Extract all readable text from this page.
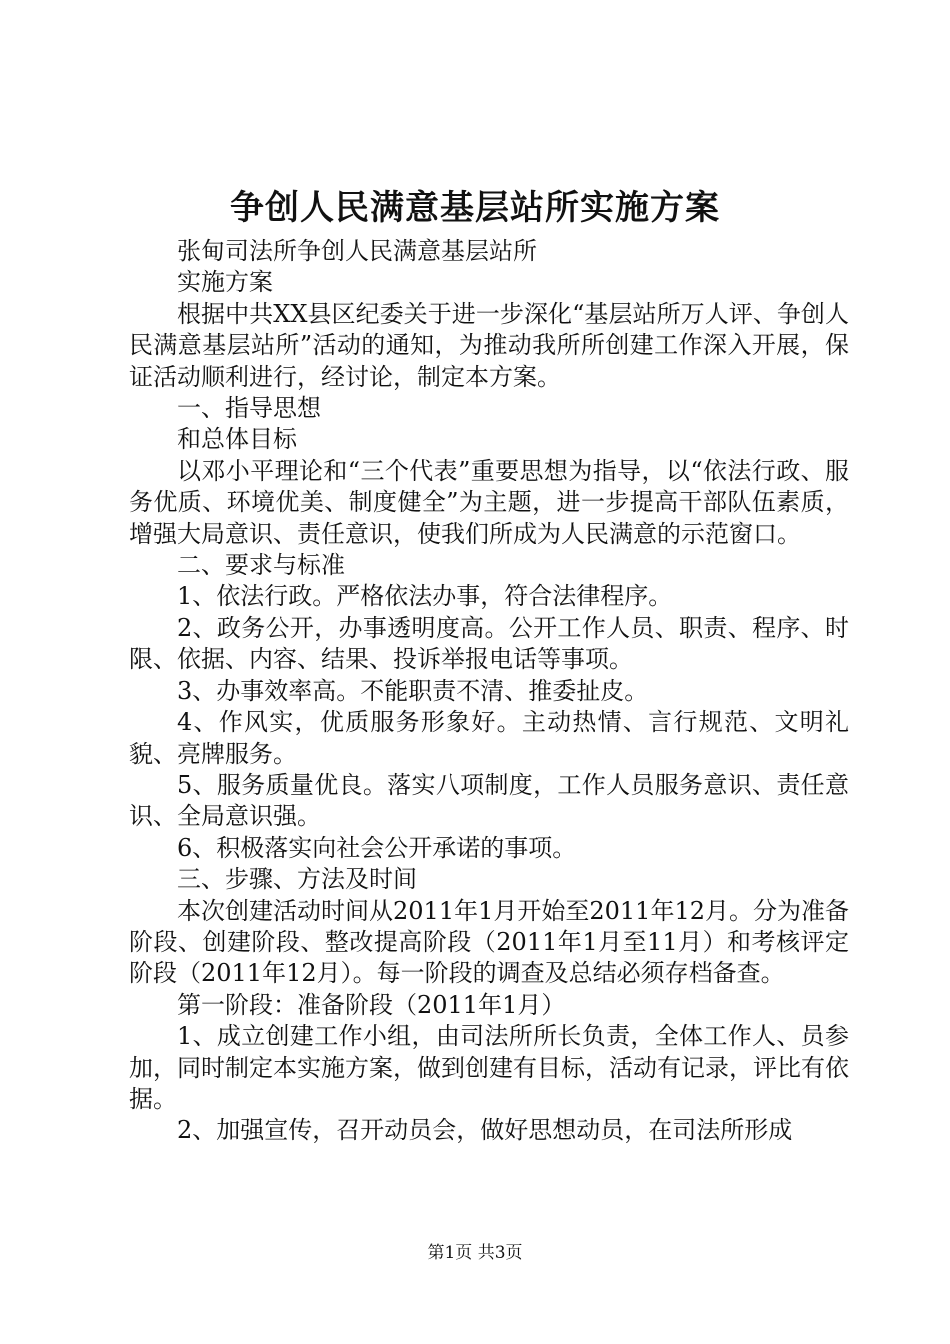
争创人民满意基层站所实施方案

张甸司法所争创人民满意基层站所

实施方案

根据中共XX县区纪委关于进一步深化“基层站所万人评、争创人民满意基层站所”活动的通知，为推动我所所创建工作深入开展，保证活动顺利进行，经讨论，制定本方案。

一、指导思想

和总体目标

以邓小平理论和“三个代表”重要思想为指导，以“依法行政、服务优质、环境优美、制度健全”为主题，进一步提高干部队伍素质，增强大局意识、责任意识，使我们所成为人民满意的示范窗口。

二、要求与标准

1、依法行政。严格依法办事，符合法律程序。

2、政务公开，办事透明度高。公开工作人员、职责、程序、时限、依据、内容、结果、投诉举报电话等事项。

3、办事效率高。不能职责不清、推委扯皮。

4、作风实，优质服务形象好。主动热情、言行规范、文明礼貌、亮牌服务。

5、服务质量优良。落实八项制度，工作人员服务意识、责任意识、全局意识强。

6、积极落实向社会公开承诺的事项。

三、步骤、方法及时间

本次创建活动时间从2011年1月开始至2011年12月。分为准备阶段、创建阶段、整改提高阶段（2011年1月至11月）和考核评定阶段（2011年12月）。每一阶段的调查及总结必须存档备查。

第一阶段：准备阶段（2011年1月）

1、成立创建工作小组，由司法所所长负责，全体工作人、员参加，同时制定本实施方案，做到创建有目标，活动有记录，评比有依据。

2、加强宣传，召开动员会，做好思想动员，在司法所形成

第1页 共3页
